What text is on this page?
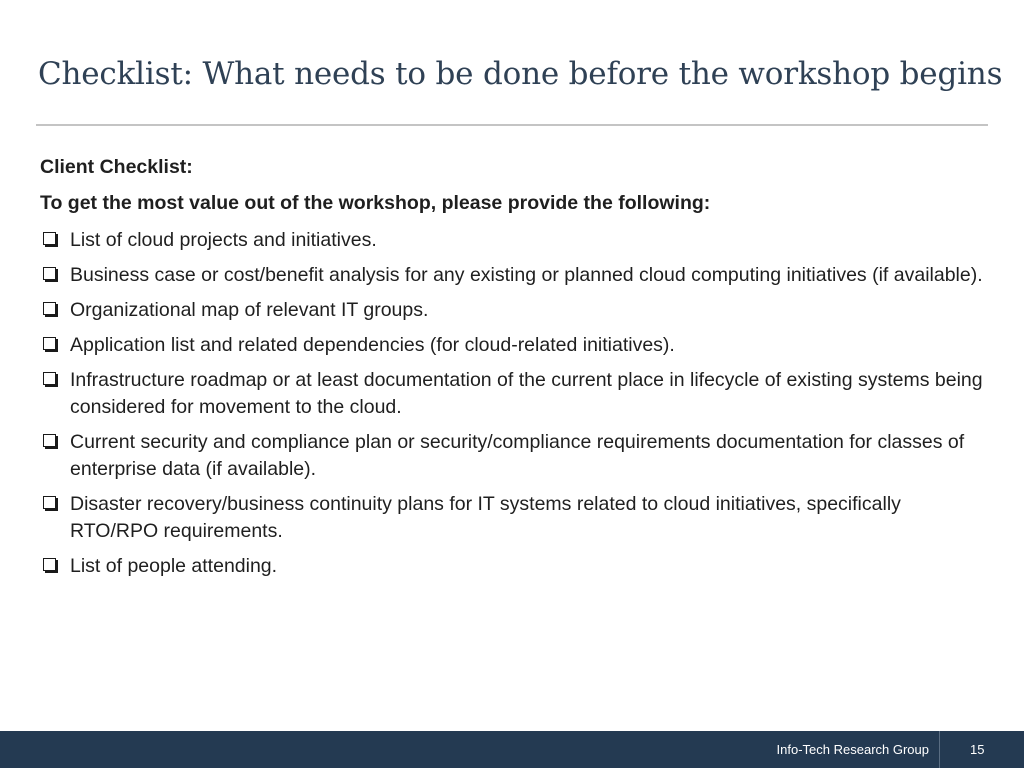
Checklist: What needs to be done before the workshop begins
Client Checklist:
To get the most value out of the workshop, please provide the following:
List of cloud projects and initiatives.
Business case or cost/benefit analysis for any existing or planned cloud computing initiatives (if available).
Organizational map of relevant IT groups.
Application list and related dependencies (for cloud-related initiatives).
Infrastructure roadmap or at least documentation of the current place in lifecycle of existing systems being considered for movement to the cloud.
Current security and compliance plan or security/compliance requirements documentation for classes of enterprise data (if available).
Disaster recovery/business continuity plans for IT systems related to cloud initiatives, specifically RTO/RPO requirements.
List of people attending.
Info-Tech Research Group	15
